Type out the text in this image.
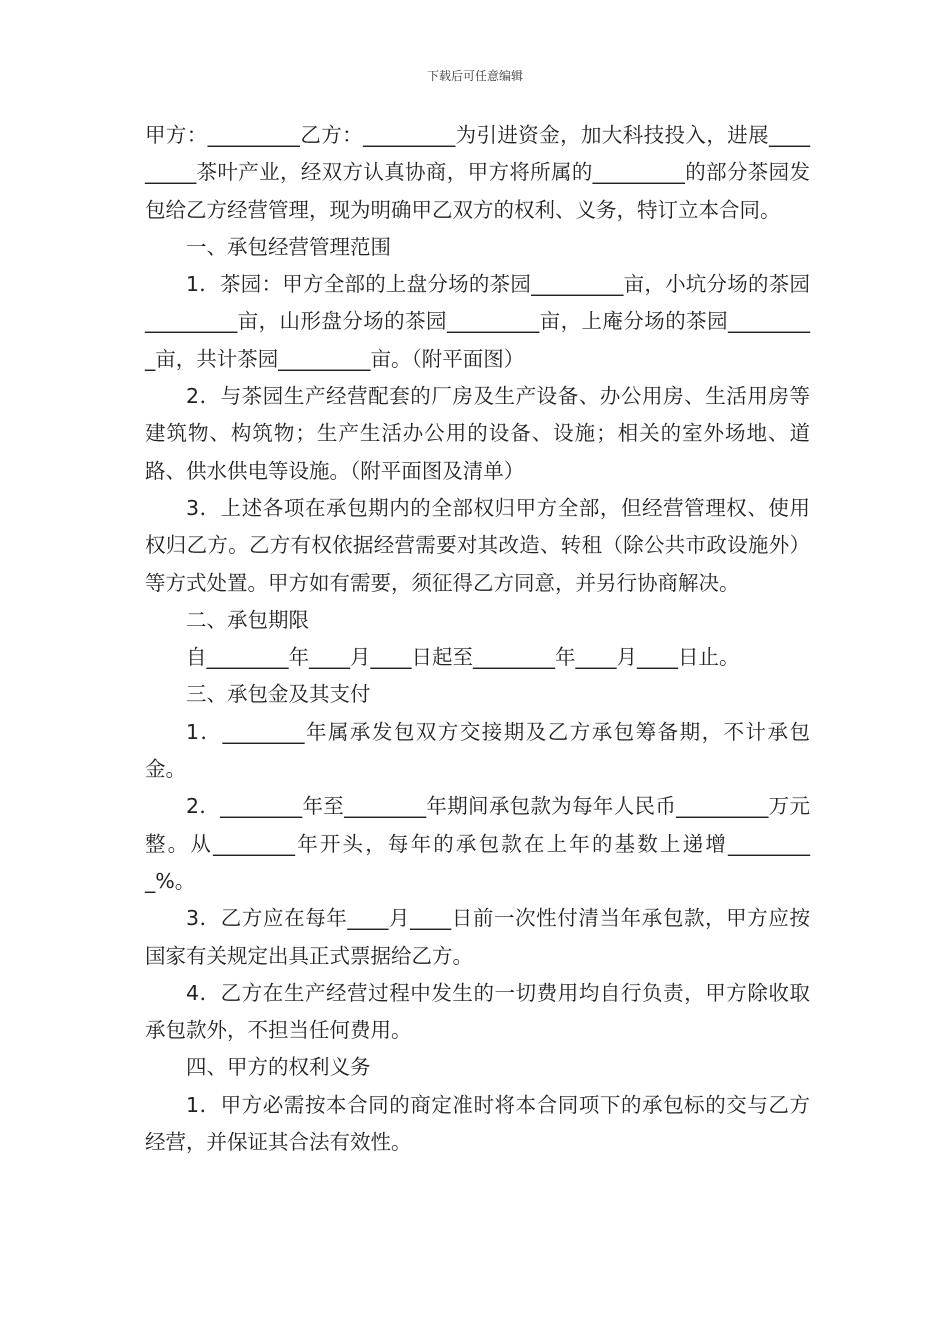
下载后可任意编辑

甲方：_________乙方：_________为引进资金，加大科技投入，进展_________茶叶产业，经双方认真协商，甲方将所属的_________的部分茶园发包给乙方经营管理，现为明确甲乙双方的权利、义务，特订立本合同。

一、承包经营管理范围

1．茶园：甲方全部的上盘分场的茶园_________亩，小坑分场的茶园_________亩，山形盘分场的茶园_________亩，上庵分场的茶园_________亩，共计茶园_________亩。（附平面图）

2．与茶园生产经营配套的厂房及生产设备、办公用房、生活用房等建筑物、构筑物；生产生活办公用的设备、设施；相关的室外场地、道路、供水供电等设施。（附平面图及清单）

3．上述各项在承包期内的全部权归甲方全部，但经营管理权、使用权归乙方。乙方有权依据经营需要对其改造、转租（除公共市政设施外）等方式处置。甲方如有需要，须征得乙方同意，并另行协商解决。

二、承包期限

自________年____月____日起至________年____月____日止。

三、承包金及其支付

1．________年属承发包双方交接期及乙方承包筹备期，不计承包金。

2．________年至________年期间承包款为每年人民币_________万元整。从________年开头，每年的承包款在上年的基数上递增_________%。

3．乙方应在每年____月____日前一次性付清当年承包款，甲方应按国家有关规定出具正式票据给乙方。

4．乙方在生产经营过程中发生的一切费用均自行负责，甲方除收取承包款外，不担当任何费用。

四、甲方的权利义务

1．甲方必需按本合同的商定准时将本合同项下的承包标的交与乙方经营，并保证其合法有效性。
